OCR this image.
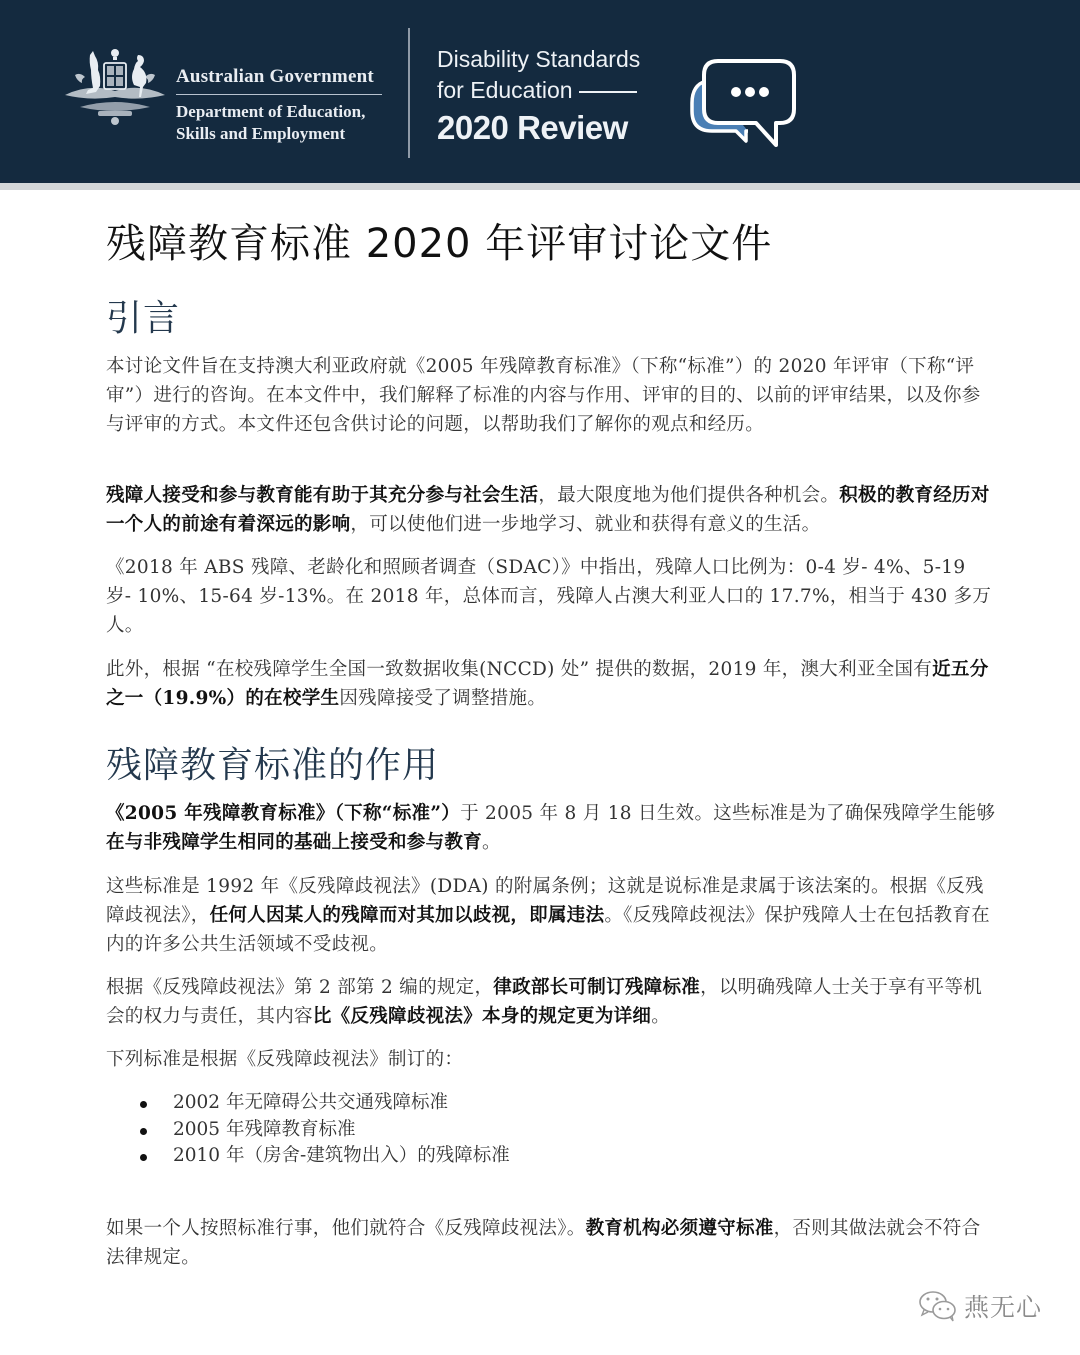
Australian Government
Department of Education,
Skills and Employment
Disability Standards
for Education
2020 Review
残障教育标准 2020 年评审讨论文件
引言
本讨论文件旨在支持澳大利亚政府就《2005 年残障教育标准》（下称“标准”）的 2020 年评审（下称“评审”）进行的咨询。在本文件中，我们解释了标准的内容与作用、评审的目的、以前的评审结果，以及你参与评审的方式。本文件还包含供讨论的问题，以帮助我们了解你的观点和经历。
残障人接受和参与教育能有助于其充分参与社会生活，最大限度地为他们提供各种机会。积极的教育经历对一个人的前途有着深远的影响，可以使他们进一步地学习、就业和获得有意义的生活。
《2018 年 ABS 残障、老龄化和照顾者调查（SDAC）》中指出，残障人口比例为：0-4 岁- 4%、5-19 岁- 10%、15-64 岁-13%。在 2018 年，总体而言，残障人占澳大利亚人口的 17.7%，相当于 430 多万人。
此外，根据 “在校残障学生全国一致数据收集(NCCD) 处” 提供的数据，2019 年，澳大利亚全国有近五分之一（19.9%）的在校学生因残障接受了调整措施。
残障教育标准的作用
《2005 年残障教育标准》（下称“标准”）于 2005 年 8 月 18 日生效。这些标准是为了确保残障学生能够在与非残障学生相同的基础上接受和参与教育。
这些标准是 1992 年《反残障歧视法》(DDA) 的附属条例；这就是说标准是隶属于该法案的。根据《反残障歧视法》，任何人因某人的残障而对其加以歧视，即属违法。《反残障歧视法》保护残障人士在包括教育在内的许多公共生活领域不受歧视。
根据《反残障歧视法》第 2 部第 2 编的规定，律政部长可制订残障标准，以明确残障人士关于享有平等机会的权力与责任，其内容比《反残障歧视法》本身的规定更为详细。
下列标准是根据《反残障歧视法》制订的：
2002 年无障碍公共交通残障标准
2005 年残障教育标准
2010 年（房舍-建筑物出入）的残障标准
如果一个人按照标准行事，他们就符合《反残障歧视法》。教育机构必须遵守标准，否则其做法就会不符合法律规定。
燕无心
